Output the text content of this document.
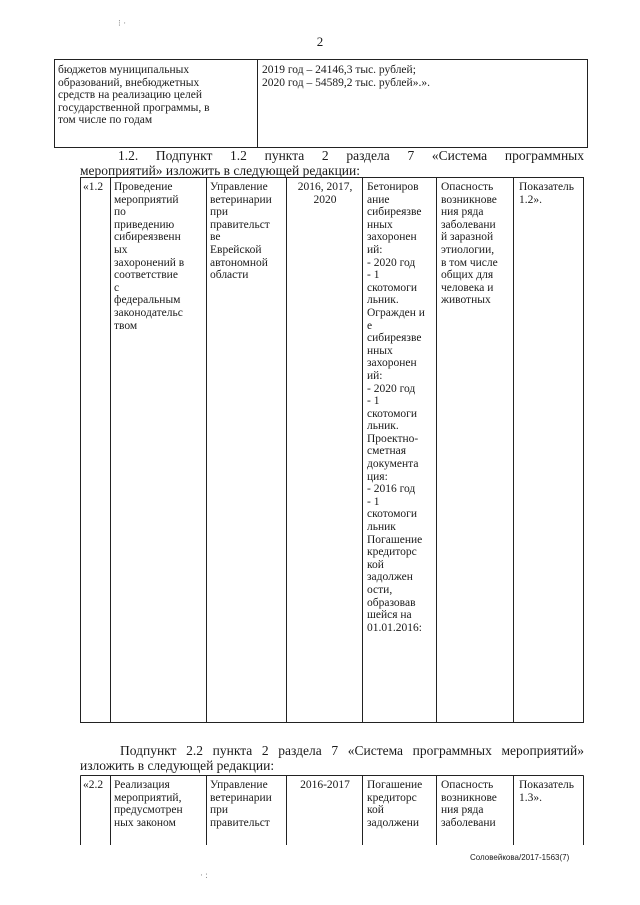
2
бюджетов муниципальных
образований, внебюджетных
средств на реализацию целей
государственной программы, в
том числе по годам
2019 год – 24146,3 тыс. рублей;
2020 год – 54589,2 тыс. рублей».».
1.2. Подпункт 1.2 пункта 2 раздела 7 «Система программных
мероприятий» изложить в следующей редакции:
«1.2 Проведение
мероприятий
по
приведению
сибиреязвенн
ых
захоронений в
соответствие
с
федеральным
законодательс
твом
Управление
ветеринарии
при
правительст
ве
Еврейской
автономной
области
2016, 2017,
2020
Бетониров
ание
сибиреязве
нных
захоронен
ий:
- 2020 год
- 1
скотомоги
льник.
Огражден и
е
сибиреязве
нных
захоронен
ий:
- 2020 год
- 1
скотомоги
льник.
Проектно-
сметная
документа
ция:
- 2016 год
- 1
скотомоги
льник
Погашение
кредиторс
кой
задолжен
ости,
образовав
шейся на
01.01.2016:
Опасность
возникнове
ния ряда
заболевани
й заразной
этиологии,
в том числе
общих для
человека и
животных
Показатель
1.2».
Подпункт 2.2 пункта 2 раздела 7 «Система программных мероприятий»
изложить в следующей редакции:
«2.2 Реализация
мероприятий,
предусмотрен
ных законом
Управление
ветеринарии
при
правительст
2016-2017	Погашение
кредиторс
кой
задолжени
Опасность
возникнове
ния ряда
заболевани
Показатель
1.3».
Соловейкова/2017-1563(7)
⁝ ·
· :
